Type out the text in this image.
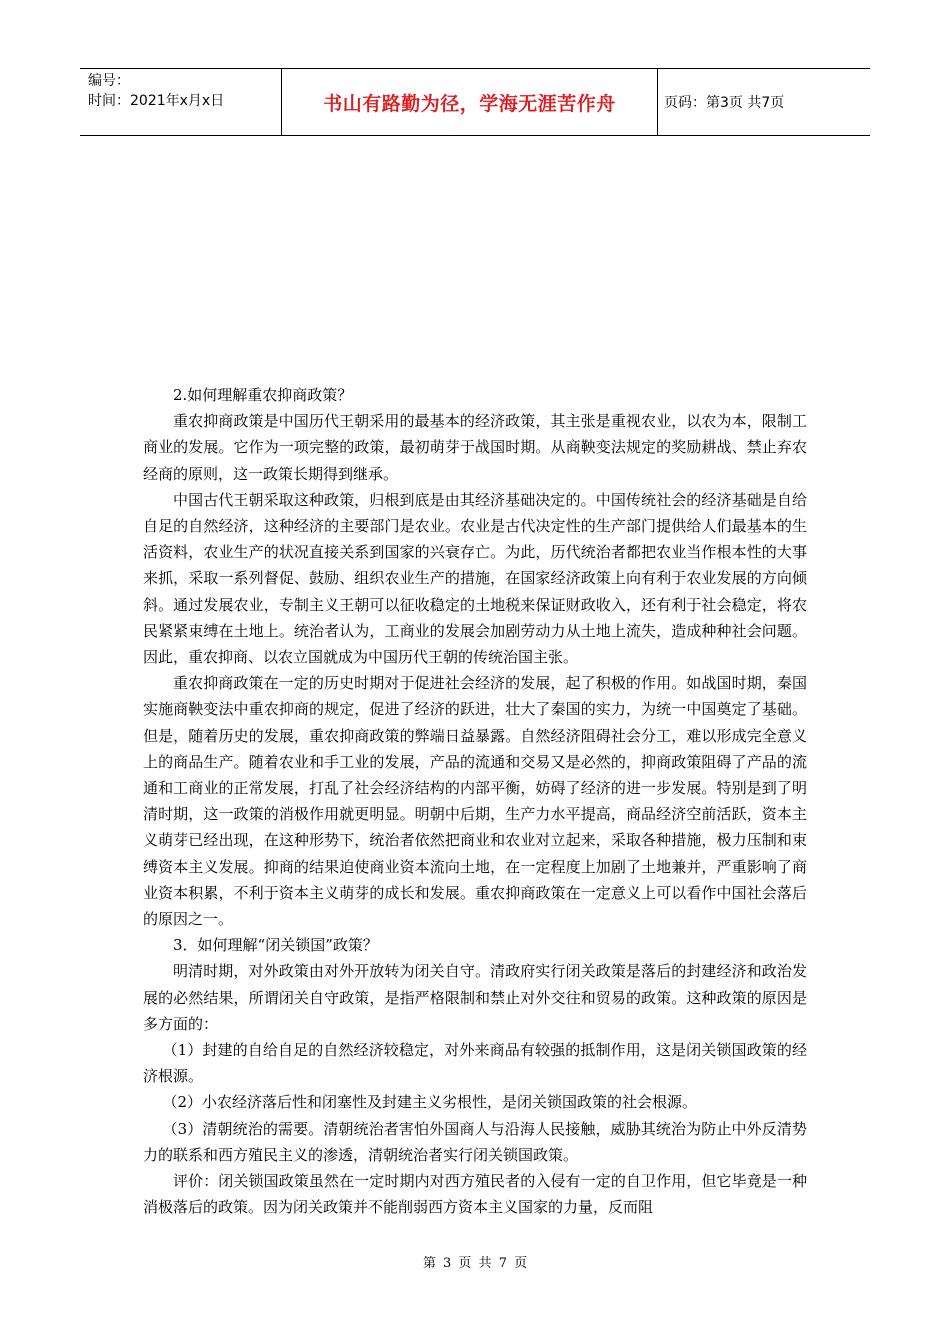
编号：
时间：2021年x月x日	书山有路勤为径，学海无涯苦作舟	页码：第3页 共7页

2.如何理解重农抑商政策？

重农抑商政策是中国历代王朝采用的最基本的经济政策，其主张是重视农业，以农为本，限制工商业的发展。它作为一项完整的政策，最初萌芽于战国时期。从商鞅变法规定的奖励耕战、禁止弃农经商的原则，这一政策长期得到继承。

中国古代王朝采取这种政策，归根到底是由其经济基础决定的。中国传统社会的经济基础是自给自足的自然经济，这种经济的主要部门是农业。农业是古代决定性的生产部门提供给人们最基本的生活资料，农业生产的状况直接关系到国家的兴衰存亡。为此，历代统治者都把农业当作根本性的大事来抓，采取一系列督促、鼓励、组织农业生产的措施，在国家经济政策上向有利于农业发展的方向倾斜。通过发展农业，专制主义王朝可以征收稳定的土地税来保证财政收入，还有利于社会稳定，将农民紧紧束缚在土地上。统治者认为，工商业的发展会加剧劳动力从土地上流失，造成种种社会问题。因此，重农抑商、以农立国就成为中国历代王朝的传统治国主张。

重农抑商政策在一定的历史时期对于促进社会经济的发展，起了积极的作用。如战国时期，秦国实施商鞅变法中重农抑商的规定，促进了经济的跃进，壮大了秦国的实力，为统一中国奠定了基础。但是，随着历史的发展，重农抑商政策的弊端日益暴露。自然经济阻碍社会分工，难以形成完全意义上的商品生产。随着农业和手工业的发展，产品的流通和交易又是必然的，抑商政策阻碍了产品的流通和工商业的正常发展，打乱了社会经济结构的内部平衡，妨碍了经济的进一步发展。特别是到了明清时期，这一政策的消极作用就更明显。明朝中后期，生产力水平提高，商品经济空前活跃，资本主义萌芽已经出现，在这种形势下，统治者依然把商业和农业对立起来，采取各种措施，极力压制和束缚资本主义发展。抑商的结果迫使商业资本流向土地，在一定程度上加剧了土地兼并，严重影响了商业资本积累，不利于资本主义萌芽的成长和发展。重农抑商政策在一定意义上可以看作中国社会落后的原因之一。

3．如何理解“闭关锁国”政策？

明清时期，对外政策由对外开放转为闭关自守。清政府实行闭关政策是落后的封建经济和政治发展的必然结果，所谓闭关自守政策，是指严格限制和禁止对外交往和贸易的政策。这种政策的原因是多方面的：

（1）封建的自给自足的自然经济较稳定，对外来商品有较强的抵制作用，这是闭关锁国政策的经济根源。

（2）小农经济落后性和闭塞性及封建主义劣根性，是闭关锁国政策的社会根源。

（3）清朝统治的需要。清朝统治者害怕外国商人与沿海人民接触，威胁其统治为防止中外反清势力的联系和西方殖民主义的渗透，清朝统治者实行闭关锁国政策。

评价：闭关锁国政策虽然在一定时期内对西方殖民者的入侵有一定的自卫作用，但它毕竟是一种消极落后的政策。因为闭关政策并不能削弱西方资本主义国家的力量，反而阻

第 3 页 共 7 页
